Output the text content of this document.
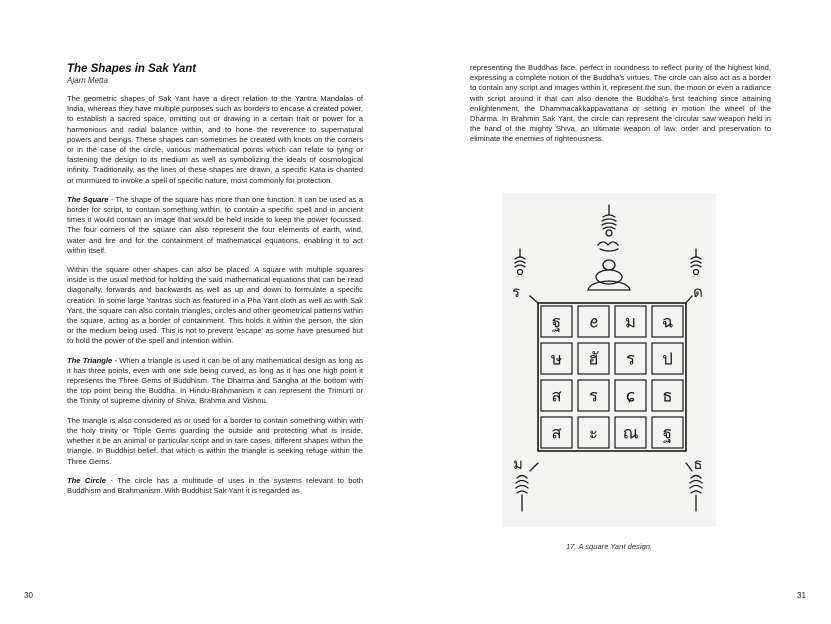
The Shapes in Sak Yant
Ajarn Metta

The geometric shapes of Sak Yant have a direct relation to the Yantra Mandalas of India, whereas they have multiple purposes such as borders to encase a created power, to establish a sacred space, omitting out or drawing in a certain trait or power for a harmonious and radial balance within, and to hone the reverence to supernatural powers and beings. These shapes can sometimes be created with knots on the corners or in the case of the circle, various mathematical points which can relate to tying or fastening the design to its medium as well as symbolizing the ideals of cosmological infinity. Traditionally, as the lines of these shapes are drawn, a specific Kata is chanted or murmured to invoke a spell of specific nature, most commonly for protection.

The Square - The shape of the square has more than one function. It can be used as a border for script, to contain something within, to contain a specific spell and in ancient times it would contain an image that would be held inside to keep the power focussed. The four corners of the square can also represent the four elements of earth, wind, water and fire and for the containment of mathematical equations, enabling it to act within itself.

Within the square other shapes can also be placed. A square with multiple squares inside is the usual method for holding the said mathematical equations that can be read diagonally, forwards and backwards as well as up and down to formulate a specific creation. In some large Yantras such as featured in a Pha Yant cloth as well as with Sak Yant, the square can also contain triangles, circles and other geometrical patterns within the square, acting as a border of containment. This holds it within the person, the skin or the medium being used. This is not to prevent 'escape' as some have presumed but to hold the power of the spell and intention within.

The Triangle - When a triangle is used it can be of any mathematical design as long as it has three points, even with one side being curved, as long as it has one high point it represents the Three Gems of Buddhism. The Dharma and Sangha at the bottom with the top point being the Buddha. In Hindu-Brahmanism it can represent the Trimurti or the Trinity of supreme divinity of Shiva, Brahma and Vishnu.

The triangle is also considered as or used for a border to contain something within with the holy trinity or Triple Gems guarding the outside and protecting what is inside, whether it be an animal or particular script and in rare cases, different shapes within the triangle. In Buddhist belief, that which is within the triangle is seeking refuge within the Three Gems.

The Circle - The circle has a multitude of uses in the systems relevant to both Buddhism and Brahmanism. With Buddhist Sak Yant it is regarded as

30

representing the Buddhas face, perfect in roundness to reflect purity of the highest kind, expressing a complete notion of the Buddha's virtues. The circle can also act as a border to contain any script and images within it, represent the sun, the moon or even a radiance with script around it that can also denote the Buddha's first teaching since attaining enlightenment, the Dhammacakkappavattana or setting in motion the wheel of the Dharma. In Brahmin Sak Yant, the circle can represent the circular saw weapon held in the hand of the mighty Shiva, an ultimate weapon of law, order and preservation to eliminate the enemies of righteousness.

ฐ ꫀ ม ฉ
ษ ฮั ร ป
ส ร ɕ ธ
ส ะ ณ ฐ
ร	ด
ม	ธ
17. A square Yant design.
31
